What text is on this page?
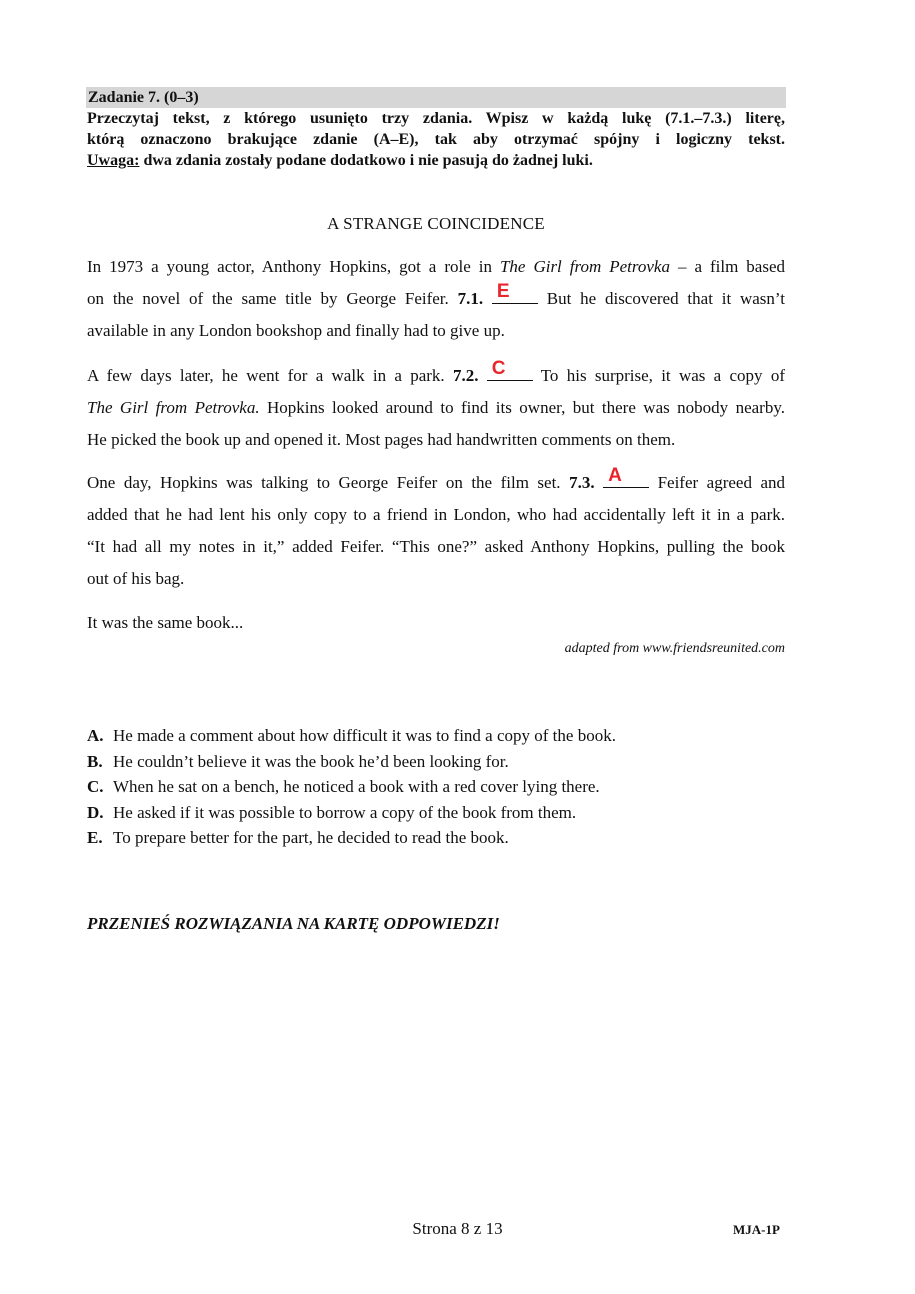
Zadanie 7. (0–3)
Przeczytaj tekst, z którego usunięto trzy zdania. Wpisz w każdą lukę (7.1.–7.3.) literę,
którą oznaczono brakujące zdanie (A–E), tak aby otrzymać spójny i logiczny tekst.
Uwaga: dwa zdania zostały podane dodatkowo i nie pasują do żadnej luki.
A STRANGE COINCIDENCE
In 1973 a young actor, Anthony Hopkins, got a role in The Girl from Petrovka – a film based
on the novel of the same title by George Feifer. 7.1. E But he discovered that it wasn’t
available in any London bookshop and finally had to give up.
A few days later, he went for a walk in a park. 7.2. C To his surprise, it was a copy of
The Girl from Petrovka. Hopkins looked around to find its owner, but there was nobody nearby.
He picked the book up and opened it. Most pages had handwritten comments on them.
One day, Hopkins was talking to George Feifer on the film set. 7.3. A Feifer agreed and
added that he had lent his only copy to a friend in London, who had accidentally left it in a park.
“It had all my notes in it,” added Feifer. “This one?” asked Anthony Hopkins, pulling the book
out of his bag.
It was the same book...
adapted from www.friendsreunited.com
A. He made a comment about how difficult it was to find a copy of the book.
B. He couldn’t believe it was the book he’d been looking for.
C. When he sat on a bench, he noticed a book with a red cover lying there.
D. He asked if it was possible to borrow a copy of the book from them.
E. To prepare better for the part, he decided to read the book.
PRZENIEŚ ROZWIĄZANIA NA KARTĘ ODPOWIEDZI!
Strona 8 z 13	MJA-1P
